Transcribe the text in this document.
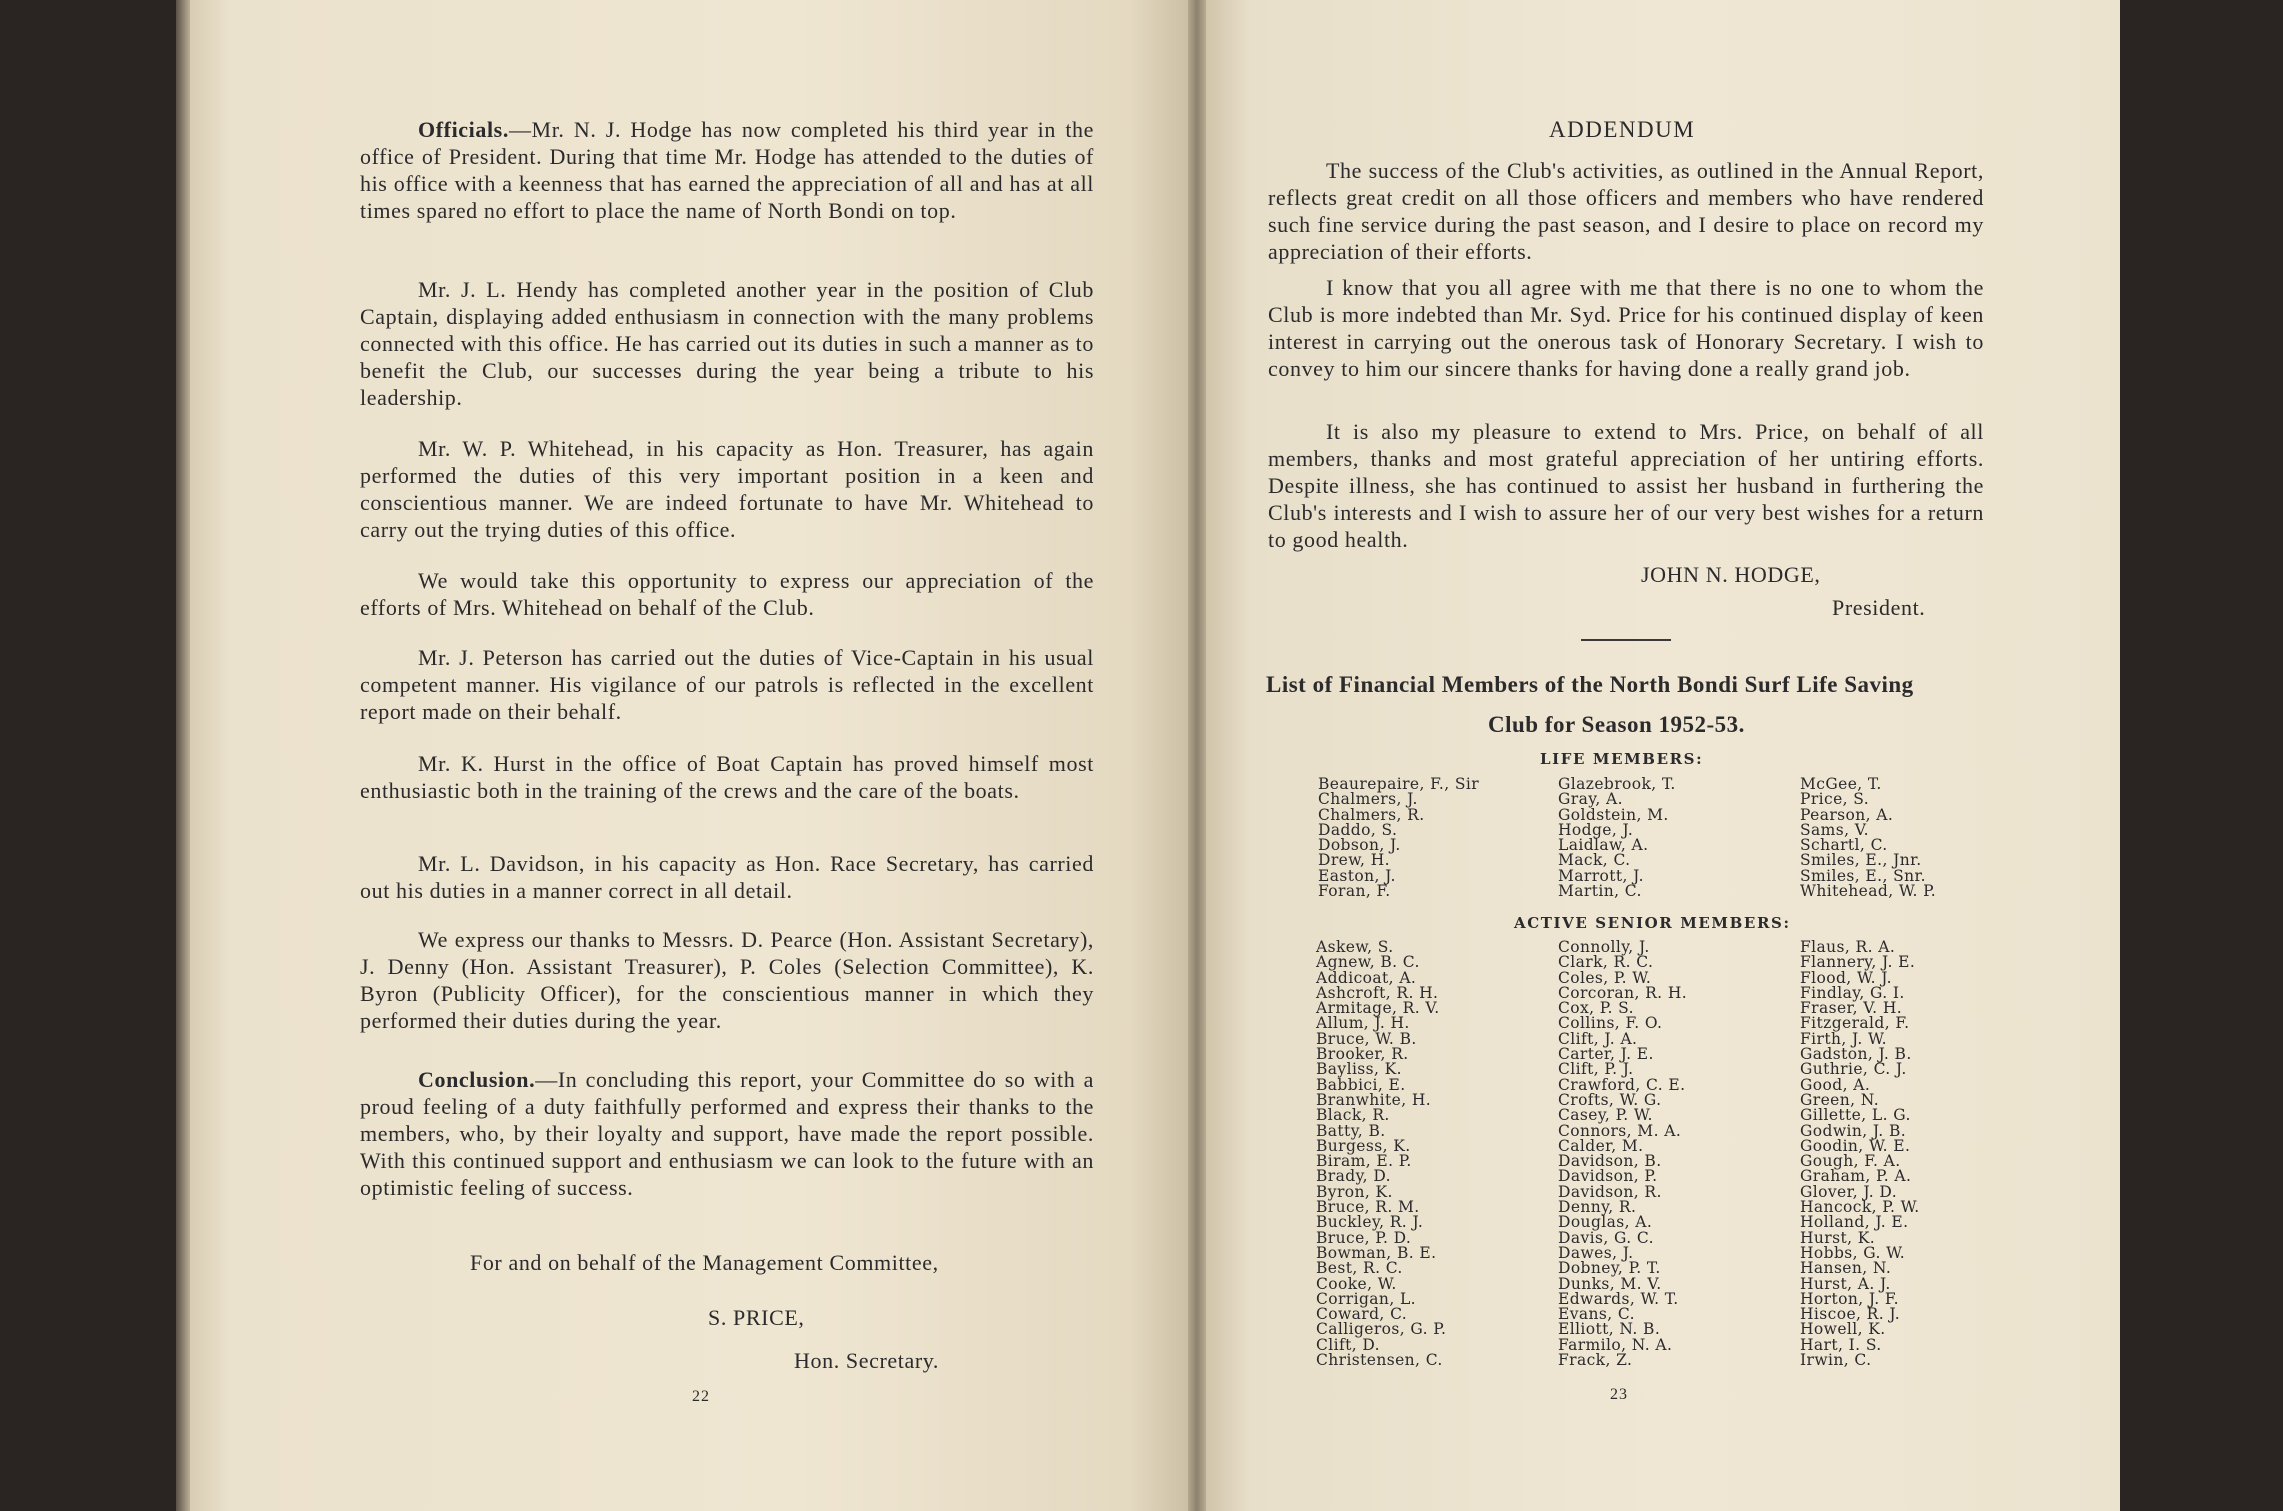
Officials.—Mr. N. J. Hodge has now completed his third year in the office of President. During that time Mr. Hodge has attended to the duties of his office with a keenness that has earned the appreciation of all and has at all times spared no effort to place the name of North Bondi on top.

Mr. J. L. Hendy has completed another year in the position of Club Captain, displaying added enthusiasm in connection with the many problems connected with this office. He has carried out its duties in such a manner as to benefit the Club, our successes during the year being a tribute to his leadership.

Mr. W. P. Whitehead, in his capacity as Hon. Treasurer, has again performed the duties of this very important position in a keen and conscientious manner. We are indeed fortunate to have Mr. Whitehead to carry out the trying duties of this office.

We would take this opportunity to express our appreciation of the efforts of Mrs. Whitehead on behalf of the Club.

Mr. J. Peterson has carried out the duties of Vice-Captain in his usual competent manner. His vigilance of our patrols is reflected in the excellent report made on their behalf.

Mr. K. Hurst in the office of Boat Captain has proved himself most enthusiastic both in the training of the crews and the care of the boats.

Mr. L. Davidson, in his capacity as Hon. Race Secretary, has carried out his duties in a manner correct in all detail.

We express our thanks to Messrs. D. Pearce (Hon. Assistant Secretary), J. Denny (Hon. Assistant Treasurer), P. Coles (Selection Committee), K. Byron (Publicity Officer), for the conscientious manner in which they performed their duties during the year.

Conclusion.—In concluding this report, your Committee do so with a proud feeling of a duty faithfully performed and express their thanks to the members, who, by their loyalty and support, have made the report possible. With this continued support and enthusiasm we can look to the future with an optimistic feeling of success.

For and on behalf of the Management Committee,
S. PRICE,
Hon. Secretary.
22
ADDENDUM

The success of the Club's activities, as outlined in the Annual Report, reflects great credit on all those officers and members who have rendered such fine service during the past season, and I desire to place on record my appreciation of their efforts.

I know that you all agree with me that there is no one to whom the Club is more indebted than Mr. Syd. Price for his continued display of keen interest in carrying out the onerous task of Honorary Secretary. I wish to convey to him our sincere thanks for having done a really grand job.

It is also my pleasure to extend to Mrs. Price, on behalf of all members, thanks and most grateful appreciation of her untiring efforts. Despite illness, she has continued to assist her husband in furthering the Club's interests and I wish to assure her of our very best wishes for a return to good health.

JOHN N. HODGE,
President.
List of Financial Members of the North Bondi Surf Life Saving
Club for Season 1952-53.
LIFE MEMBERS:
Beaurepaire, F., Sir
Chalmers, J.
Chalmers, R.
Daddo, S.
Dobson, J.
Drew, H.
Easton, J.
Foran, F.
Glazebrook, T.
Gray, A.
Goldstein, M.
Hodge, J.
Laidlaw, A.
Mack, C.
Marrott, J.
Martin, C.
McGee, T.
Price, S.
Pearson, A.
Sams, V.
Schartl, C.
Smiles, E., Jnr.
Smiles, E., Snr.
Whitehead, W. P.
ACTIVE SENIOR MEMBERS:
Askew, S.
Agnew, B. C.
Addicoat, A.
Ashcroft, R. H.
Armitage, R. V.
Allum, J. H.
Bruce, W. B.
Brooker, R.
Bayliss, K.
Babbici, E.
Branwhite, H.
Black, R.
Batty, B.
Burgess, K.
Biram, E. P.
Brady, D.
Byron, K.
Bruce, R. M.
Buckley, R. J.
Bruce, P. D.
Bowman, B. E.
Best, R. C.
Cooke, W.
Corrigan, L.
Coward, C.
Calligeros, G. P.
Clift, D.
Christensen, C.
Connolly, J.
Clark, R. C.
Coles, P. W.
Corcoran, R. H.
Cox, P. S.
Collins, F. O.
Clift, J. A.
Carter, J. E.
Clift, P. J.
Crawford, C. E.
Crofts, W. G.
Casey, P. W.
Connors, M. A.
Calder, M.
Davidson, B.
Davidson, P.
Davidson, R.
Denny, R.
Douglas, A.
Davis, G. C.
Dawes, J.
Dobney, P. T.
Dunks, M. V.
Edwards, W. T.
Evans, C.
Elliott, N. B.
Farmilo, N. A.
Frack, Z.
Flaus, R. A.
Flannery, J. E.
Flood, W. J.
Findlay, G. I.
Fraser, V. H.
Fitzgerald, F.
Firth, J. W.
Gadston, J. B.
Guthrie, C. J.
Good, A.
Green, N.
Gillette, L. G.
Godwin, J. B.
Goodin, W. E.
Gough, F. A.
Graham, P. A.
Glover, J. D.
Hancock, P. W.
Holland, J. E.
Hurst, K.
Hobbs, G. W.
Hansen, N.
Hurst, A. J.
Horton, J. F.
Hiscoe, R. J.
Howell, K.
Hart, I. S.
Irwin, C.
23
